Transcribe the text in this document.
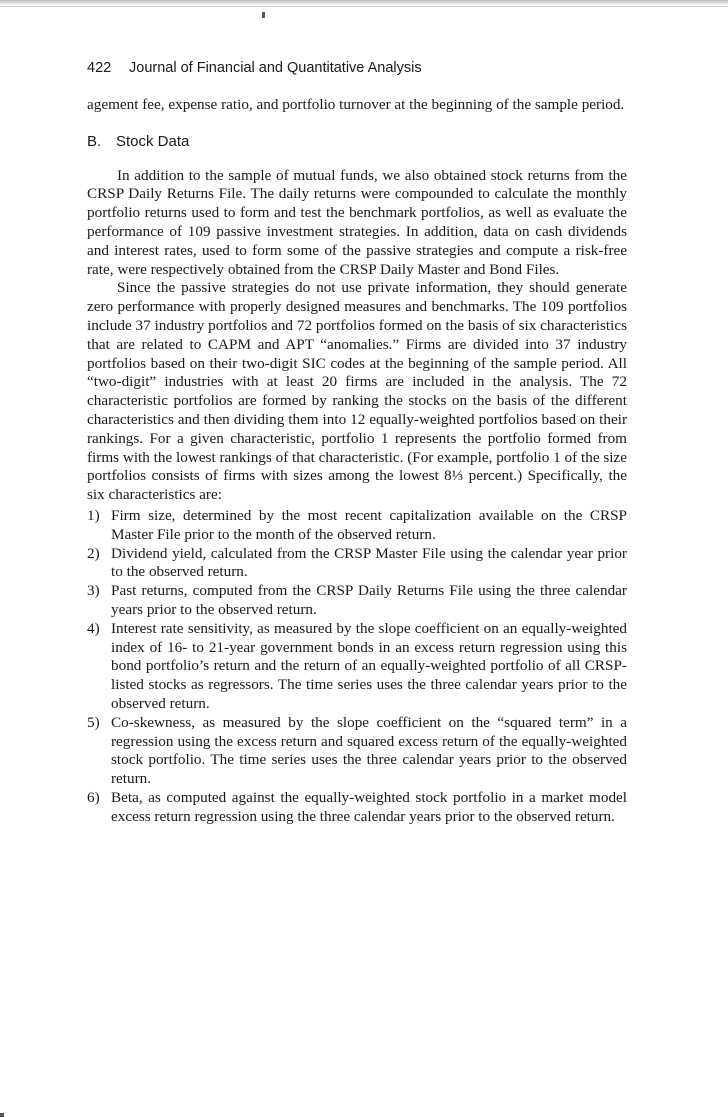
422 Journal of Financial and Quantitative Analysis

agement fee, expense ratio, and portfolio turnover at the beginning of the sample period.

B. Stock Data

In addition to the sample of mutual funds, we also obtained stock returns from the CRSP Daily Returns File. The daily returns were compounded to calculate the monthly portfolio returns used to form and test the benchmark portfolios, as well as evaluate the performance of 109 passive investment strategies. In addition, data on cash dividends and interest rates, used to form some of the passive strategies and compute a risk-free rate, were respectively obtained from the CRSP Daily Master and Bond Files.

Since the passive strategies do not use private information, they should generate zero performance with properly designed measures and benchmarks. The 109 portfolios include 37 industry portfolios and 72 portfolios formed on the basis of six characteristics that are related to CAPM and APT “anomalies.” Firms are divided into 37 industry portfolios based on their two-digit SIC codes at the beginning of the sample period. All “two-digit” industries with at least 20 firms are included in the analysis. The 72 characteristic portfolios are formed by ranking the stocks on the basis of the different characteristics and then dividing them into 12 equally-weighted portfolios based on their rankings. For a given characteristic, portfolio 1 represents the portfolio formed from firms with the lowest rankings of that characteristic. (For example, portfolio 1 of the size portfolios consists of firms with sizes among the lowest 8⅓ percent.) Specifically, the six characteristics are:

1) Firm size, determined by the most recent capitalization available on the CRSP Master File prior to the month of the observed return.
2) Dividend yield, calculated from the CRSP Master File using the calendar year prior to the observed return.
3) Past returns, computed from the CRSP Daily Returns File using the three calendar years prior to the observed return.
4) Interest rate sensitivity, as measured by the slope coefficient on an equally-weighted index of 16- to 21-year government bonds in an excess return regression using this bond portfolio’s return and the return of an equally-weighted portfolio of all CRSP-listed stocks as regressors. The time series uses the three calendar years prior to the observed return.
5) Co-skewness, as measured by the slope coefficient on the “squared term” in a regression using the excess return and squared excess return of the equally-weighted stock portfolio. The time series uses the three calendar years prior to the observed return.
6) Beta, as computed against the equally-weighted stock portfolio in a market model excess return regression using the three calendar years prior to the observed return.
